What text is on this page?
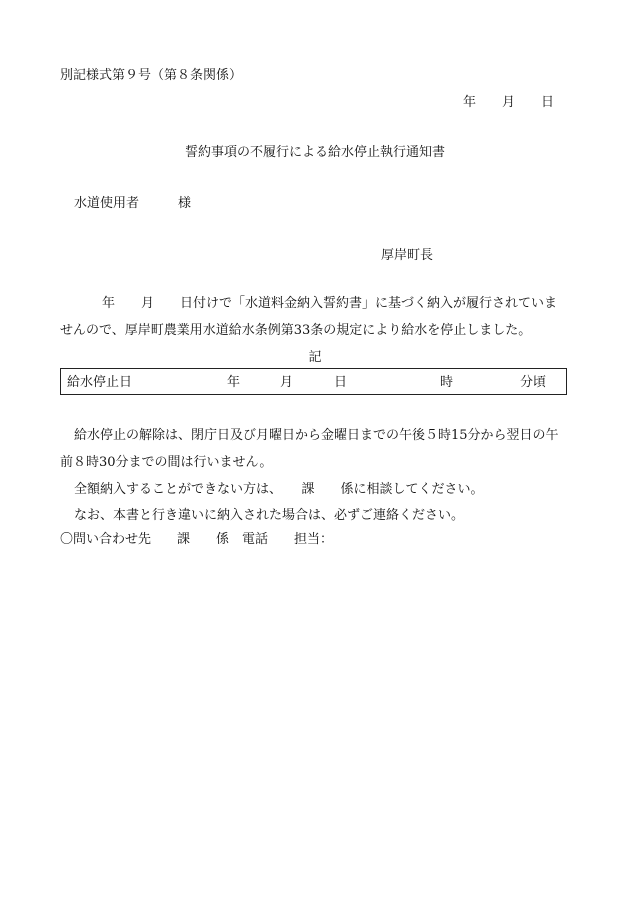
別記様式第９号（第８条関係）
年　　月　　日
誓約事項の不履行による給水停止執行通知書
水道使用者　　　様
厚岸町長
年　　月　　日付けで「水道料金納入誓約書」に基づく納入が履行されていま
せんので、厚岸町農業用水道給水条例第33条の規定により給水を停止しました。
記
給水停止日	年	月	日	時	分頃
給水停止の解除は、閉庁日及び月曜日から金曜日までの午後５時15分から翌日の午
前８時30分までの間は行いません。
全額納入することができない方は、　　課　　係に相談してください。
なお、本書と行き違いに納入された場合は、必ずご連絡ください。
〇問い合わせ先　　課　　係　電話　　担当：
